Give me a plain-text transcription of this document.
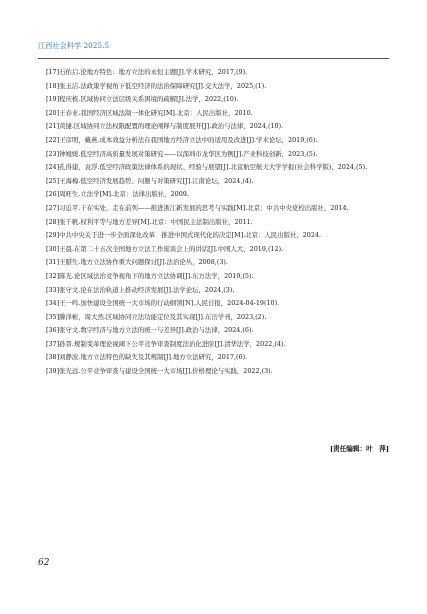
江西社会科学 2025.5

[17]石佑启.论地方特色：地方立法的永恒主题[J].学术研究，2017,(9).

[18]张玉洁.法政策学视角下低空经济的法治保障研究[J].交大法学，2025,(1).

[19]程庆栋.区域协同立法层级关系困境的疏解[J].法学，2022,(10).

[20]王春业.我国经济区域法制一体化研究[M].北京：人民出版社，2010.

[21]黄捷.区域协同立法权限配置的理论阐释与制度展开[J].政治与法律，2024,(10).

[22]王彦明，戴燕.成本效益分析法在我国地方经济立法中的适用及改进[J].学术论坛，2019,(6).

[23]钟媛媛.低空经济高质量发展对策研究——以深圳市龙华区为例[J].产业科技创新，2023,(5).

[24]孔得建，袁浮.低空经济政策法律体系的现状、经验与展望[J].北京航空航天大学学报(社会科学版)，2024,(5).

[25]王海梅.低空经济发展趋势、问题与对策研究[J].江南论坛，2024,(4).

[26]周旺生.立法学[M].北京：法律出版社，2009.

[27]习近平.干在实处，走在前列——推进浙江新发展的思考与实践[M].北京：中共中央党校出版社，2014.

[28]张千帆.权利平等与地方差异[M].北京：中国民主法制出版社，2011.

[29]中共中央关于进一步全面深化改革　推进中国式现代化的决定[M].北京：人民出版社，2024.

[30]王晨.在第二十五次全国地方立法工作座谈会上的讲话[J].中国人大，2019,(12).

[31]王腊生.地方立法协作重大问题探讨[J].法治论丛，2008,(3).

[32]陈光.论区域法治竞争视角下的地方立法协调[J].东方法学，2019,(5).

[33]张守文.论在法治轨道上推动经济发展[J].法学论坛，2024,(3).

[34]王一鸣.加快建设全国统一大市场的行动纲领[N].人民日报，2024-04-19(10).

[35]滕泽彬，周大然.区域协同立法功能定位及其实现[J].东岳学刊，2023,(2).

[36]张守文.数字经济与地方立法的统一与差异[J].政治与法律，2024,(6).

[37]孙晋.规制变革理论视阈下公平竞争审查制度法治化进阶[J].清华法学，2022,(4).

[38]刘静波.地方立法特色的缺失及其规制[J].地方立法研究，2017,(6).

[39]张光远.公平竞争审查与建设全国统一大市场[J].价格理论与实践，2022,(3).

[责任编辑：叶　萍]
62
